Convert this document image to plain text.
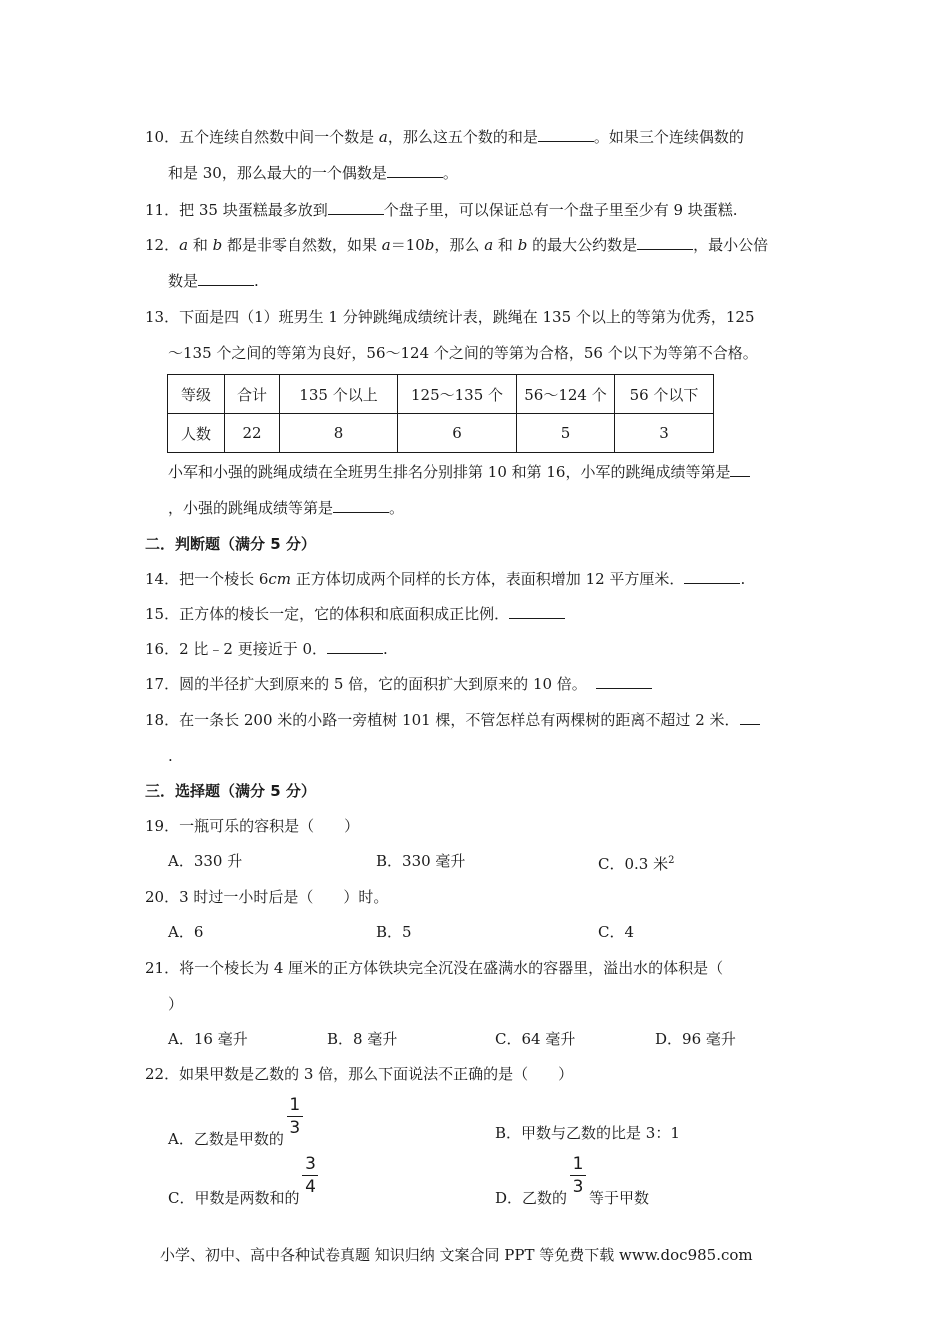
10．五个连续自然数中间一个数是 a，那么这五个数的和是	。如果三个连续偶数的
和是 30，那么最大的一个偶数是	。
11．把 35 块蛋糕最多放到	个盘子里，可以保证总有一个盘子里至少有 9 块蛋糕.
12．a 和 b 都是非零自然数，如果 a＝10b，那么 a 和 b 的最大公约数是	，最小公倍
数是	.
13．下面是四（1）班男生 1 分钟跳绳成绩统计表，跳绳在 135 个以上的等第为优秀，125
～135 个之间的等第为良好，56～124 个之间的等第为合格，56 个以下为等第不合格。
等级	合计	135 个以上	125～135 个	56～124 个	56 个以下
人数	22	8	6	5	3
小军和小强的跳绳成绩在全班男生排名分别排第 10 和第 16，小军的跳绳成绩等第是
，小强的跳绳成绩等第是	。
二．判断题（满分 5 分）
14．把一个棱长 6cm 正方体切成两个同样的长方体，表面积增加 12 平方厘米．	.
15．正方体的棱长一定，它的体积和底面积成正比例．
16．2 比﹣2 更接近于 0．	.
17．圆的半径扩大到原来的 5 倍，它的面积扩大到原来的 10 倍。
18．在一条长 200 米的小路一旁植树 101 棵，不管怎样总有两棵树的距离不超过 2 米．
.
三．选择题（满分 5 分）
19．一瓶可乐的容积是（　　）
A．330 升	B．330 毫升	C．0.3 米$^2$
20．3 时过一小时后是（　　）时。
A．6	B．5	C．4
21．将一个棱长为 4 厘米的正方体铁块完全沉没在盛满水的容器里，溢出水的体积是（
）
A．16 毫升	B．8 毫升	C．64 毫升	D．96 毫升
22．如果甲数是乙数的 3 倍，那么下面说法不正确的是（　　）
A．乙数是甲数的 $\frac{1}{3}$	B．甲数与乙数的比是 3：1
C．甲数是两数和的 $\frac{3}{4}$	D．乙数的 $\frac{1}{3}$ 等于甲数
小学、初中、高中各种试卷真题 知识归纳 文案合同 PPT 等免费下载 www.doc985.com
